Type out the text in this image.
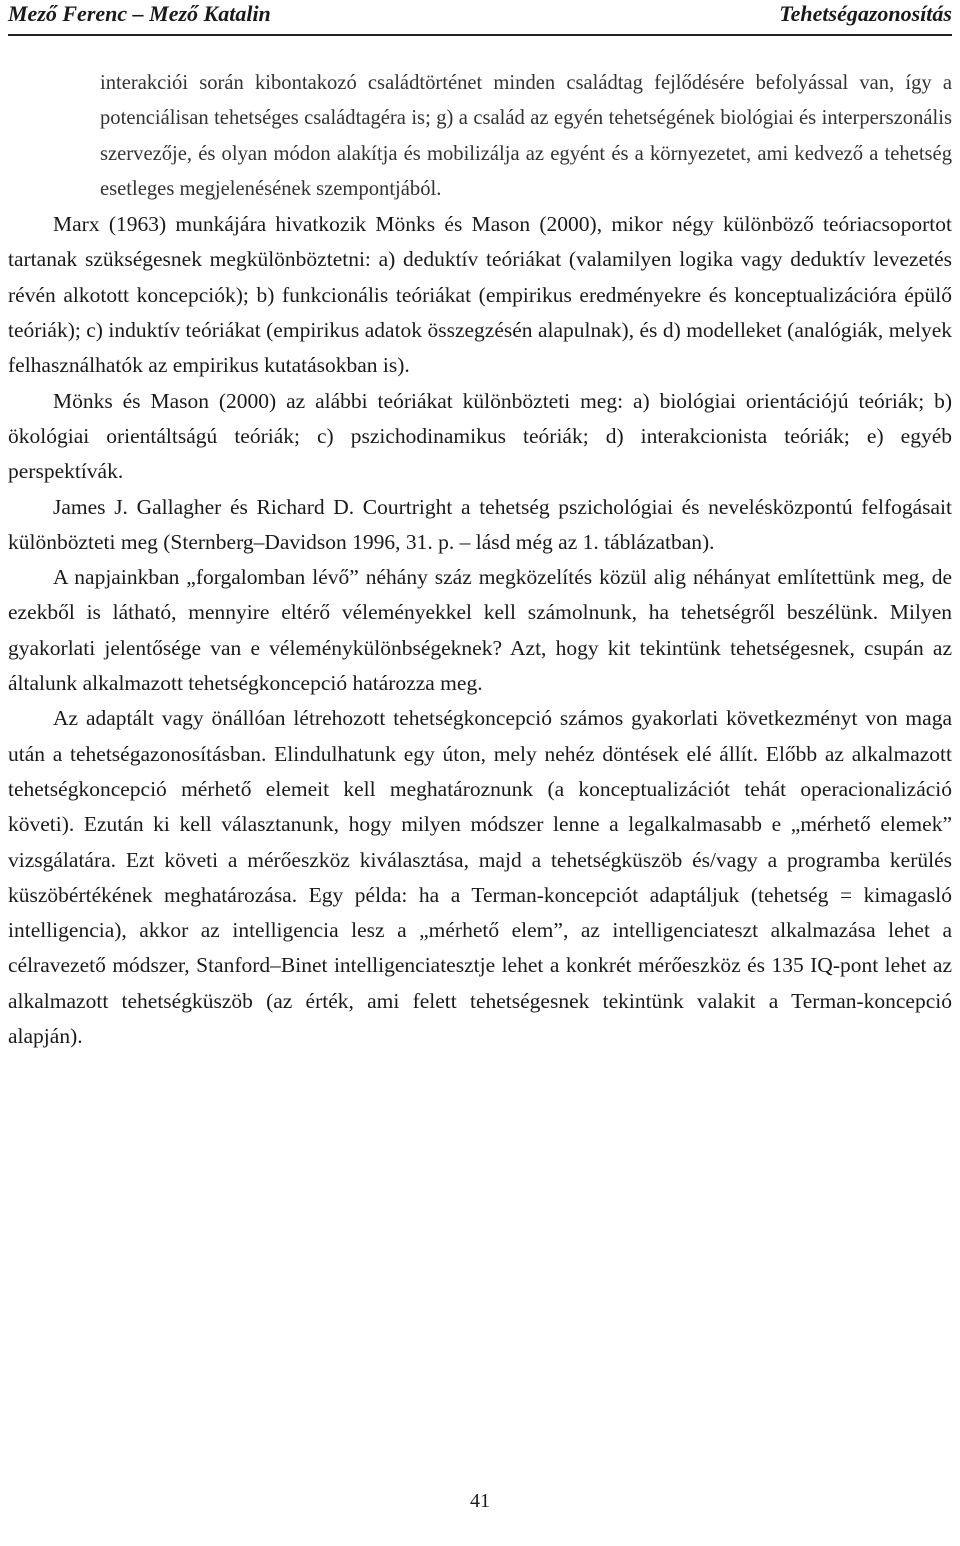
Mező Ferenc – Mező Katalin	Tehetségazonosítás

interakciói során kibontakozó családtörténet minden családtag fejlődésére befolyással van, így a potenciálisan tehetséges családtagéra is; g) a család az egyén tehetségének biológiai és interperszonális szervezője, és olyan módon alakítja és mobilizálja az egyént és a környezetet, ami kedvező a tehetség esetleges megjelenésének szempontjából.

Marx (1963) munkájára hivatkozik Mönks és Mason (2000), mikor négy különböző teóriacsoportot tartanak szükségesnek megkülönböztetni: a) deduktív teóriákat (valamilyen logika vagy deduktív levezetés révén alkotott koncepciók); b) funkcionális teóriákat (empirikus eredményekre és konceptualizációra épülő teóriák); c) induktív teóriákat (empirikus adatok összegzésén alapulnak), és d) modelleket (analógiák, melyek felhasználhatók az empirikus kutatásokban is).

Mönks és Mason (2000) az alábbi teóriákat különbözteti meg: a) biológiai orientációjú teóriák; b) ökológiai orientáltságú teóriák; c) pszichodinamikus teóriák; d) interakcionista teóriák; e) egyéb perspektívák.

James J. Gallagher és Richard D. Courtright a tehetség pszichológiai és nevelésközpontú felfogásait különbözteti meg (Sternberg–Davidson 1996, 31. p. – lásd még az 1. táblázatban).

A napjainkban „forgalomban lévő” néhány száz megközelítés közül alig néhányat említettünk meg, de ezekből is látható, mennyire eltérő véleményekkel kell számolnunk, ha tehetségről beszélünk. Milyen gyakorlati jelentősége van e véleménykülönbségeknek? Azt, hogy kit tekintünk tehetségesnek, csupán az általunk alkalmazott tehetségkoncepció határozza meg.

Az adaptált vagy önállóan létrehozott tehetségkoncepció számos gyakorlati következményt von maga után a tehetségazonosításban. Elindulhatunk egy úton, mely nehéz döntések elé állít. Előbb az alkalmazott tehetségkoncepció mérhető elemeit kell meghatároznunk (a konceptualizációt tehát operacionalizáció követi). Ezután ki kell választanunk, hogy milyen módszer lenne a legalkalmasabb e „mérhető elemek” vizsgálatára. Ezt követi a mérőeszköz kiválasztása, majd a tehetségküszöb és/vagy a programba kerülés küszöbértékének meghatározása. Egy példa: ha a Terman-koncepciót adaptáljuk (tehetség = kimagasló intelligencia), akkor az intelligencia lesz a „mérhető elem”, az intelligenciateszt alkalmazása lehet a célravezető módszer, Stanford–Binet intelligenciatesztje lehet a konkrét mérőeszköz és 135 IQ-pont lehet az alkalmazott tehetségküszöb (az érték, ami felett tehetségesnek tekintünk valakit a Terman-koncepció alapján).

41
